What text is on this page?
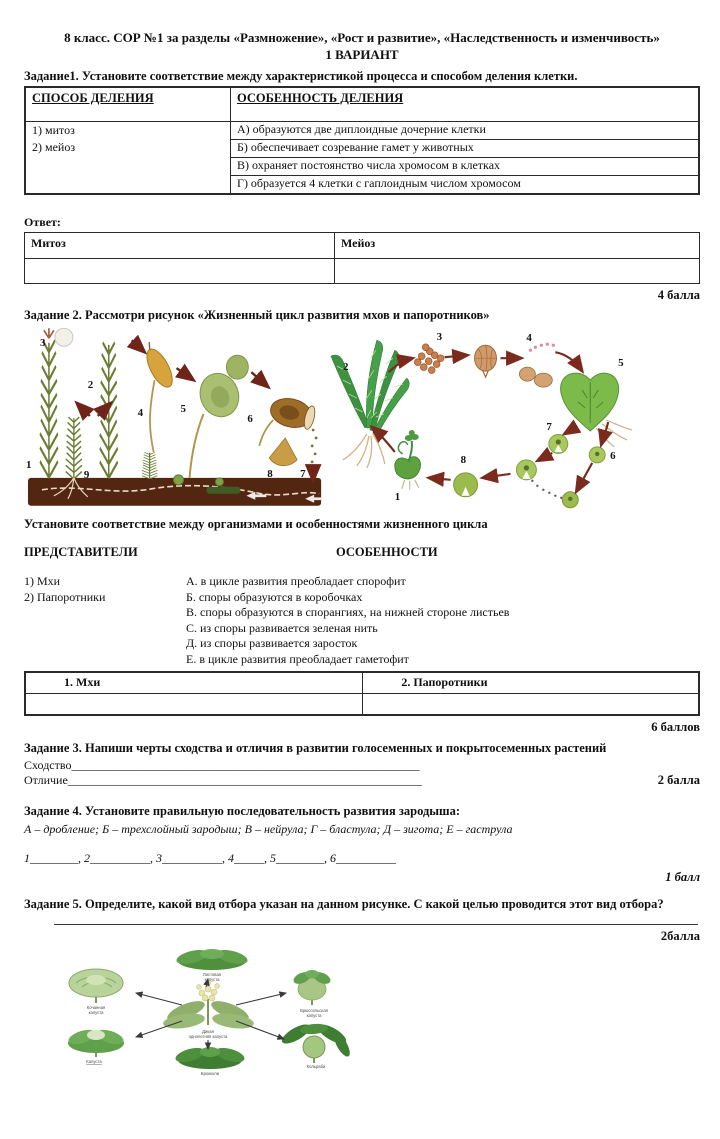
8 класс. СОР №1 за разделы «Размножение», «Рост и развитие», «Наследственность и изменчивость»
1 ВАРИАНТ
Задание1. Установите соответствие между характеристикой процесса и способом деления клетки.
СПОСОБ ДЕЛЕНИЯ	ОСОБЕННОСТЬ ДЕЛЕНИЯ
1) митоз
2) мейоз
А) образуются две диплоидные дочерние клетки
Б) обеспечивает созревание гамет у животных
В) охраняет постоянство числа хромосом в клетках
Г) образуется 4 клетки с гаплоидным числом хромосом
Ответ:
Митоз	Мейоз
4 балла
Задание 2. Рассмотри рисунок «Жизненный цикл развития мхов и папоротников»
1
2
3
4	5
6
7
8
9
1
2
3	4
5
6
7
8
Установите соответствие между организмами и особенностями жизненного цикла
ПРЕДСТАВИТЕЛИ
1) Мхи
2) Папоротники
ОСОБЕННОСТИ
А. в цикле развития преобладает спорофит
Б. споры образуются в коробочках
В. споры образуются в спорангиях, на нижней стороне листьев
С. из споры развивается зеленая нить
Д. из споры развивается заросток
Е. в цикле развития преобладает гаметофит
1. Мхи	2. Папоротники
6 баллов
Задание 3. Напиши черты сходства и отличия в развитии голосеменных и покрытосеменных растений
Сходство__________________________________________________________
Отличие___________________________________________________________	2 балла
Задание 4. Установите правильную последовательность развития зародыша:
А – дробление; Б – трехслойный зародыш; В – нейрула; Г – бластула; Д – зигота; Е – гаструла
1________, 2__________, 3__________, 4_____, 5________, 6__________
1 балл
Задание 5. Определите, какой вид отбора указан на данном рисунке. С какой целью проводится этот вид отбора?
2балла
Дикая
однолетняя капуста
Листовая
капуста
Кочанная
капуста
Капуста
Брюссельская
капуста
Кольраби
Брокколи
